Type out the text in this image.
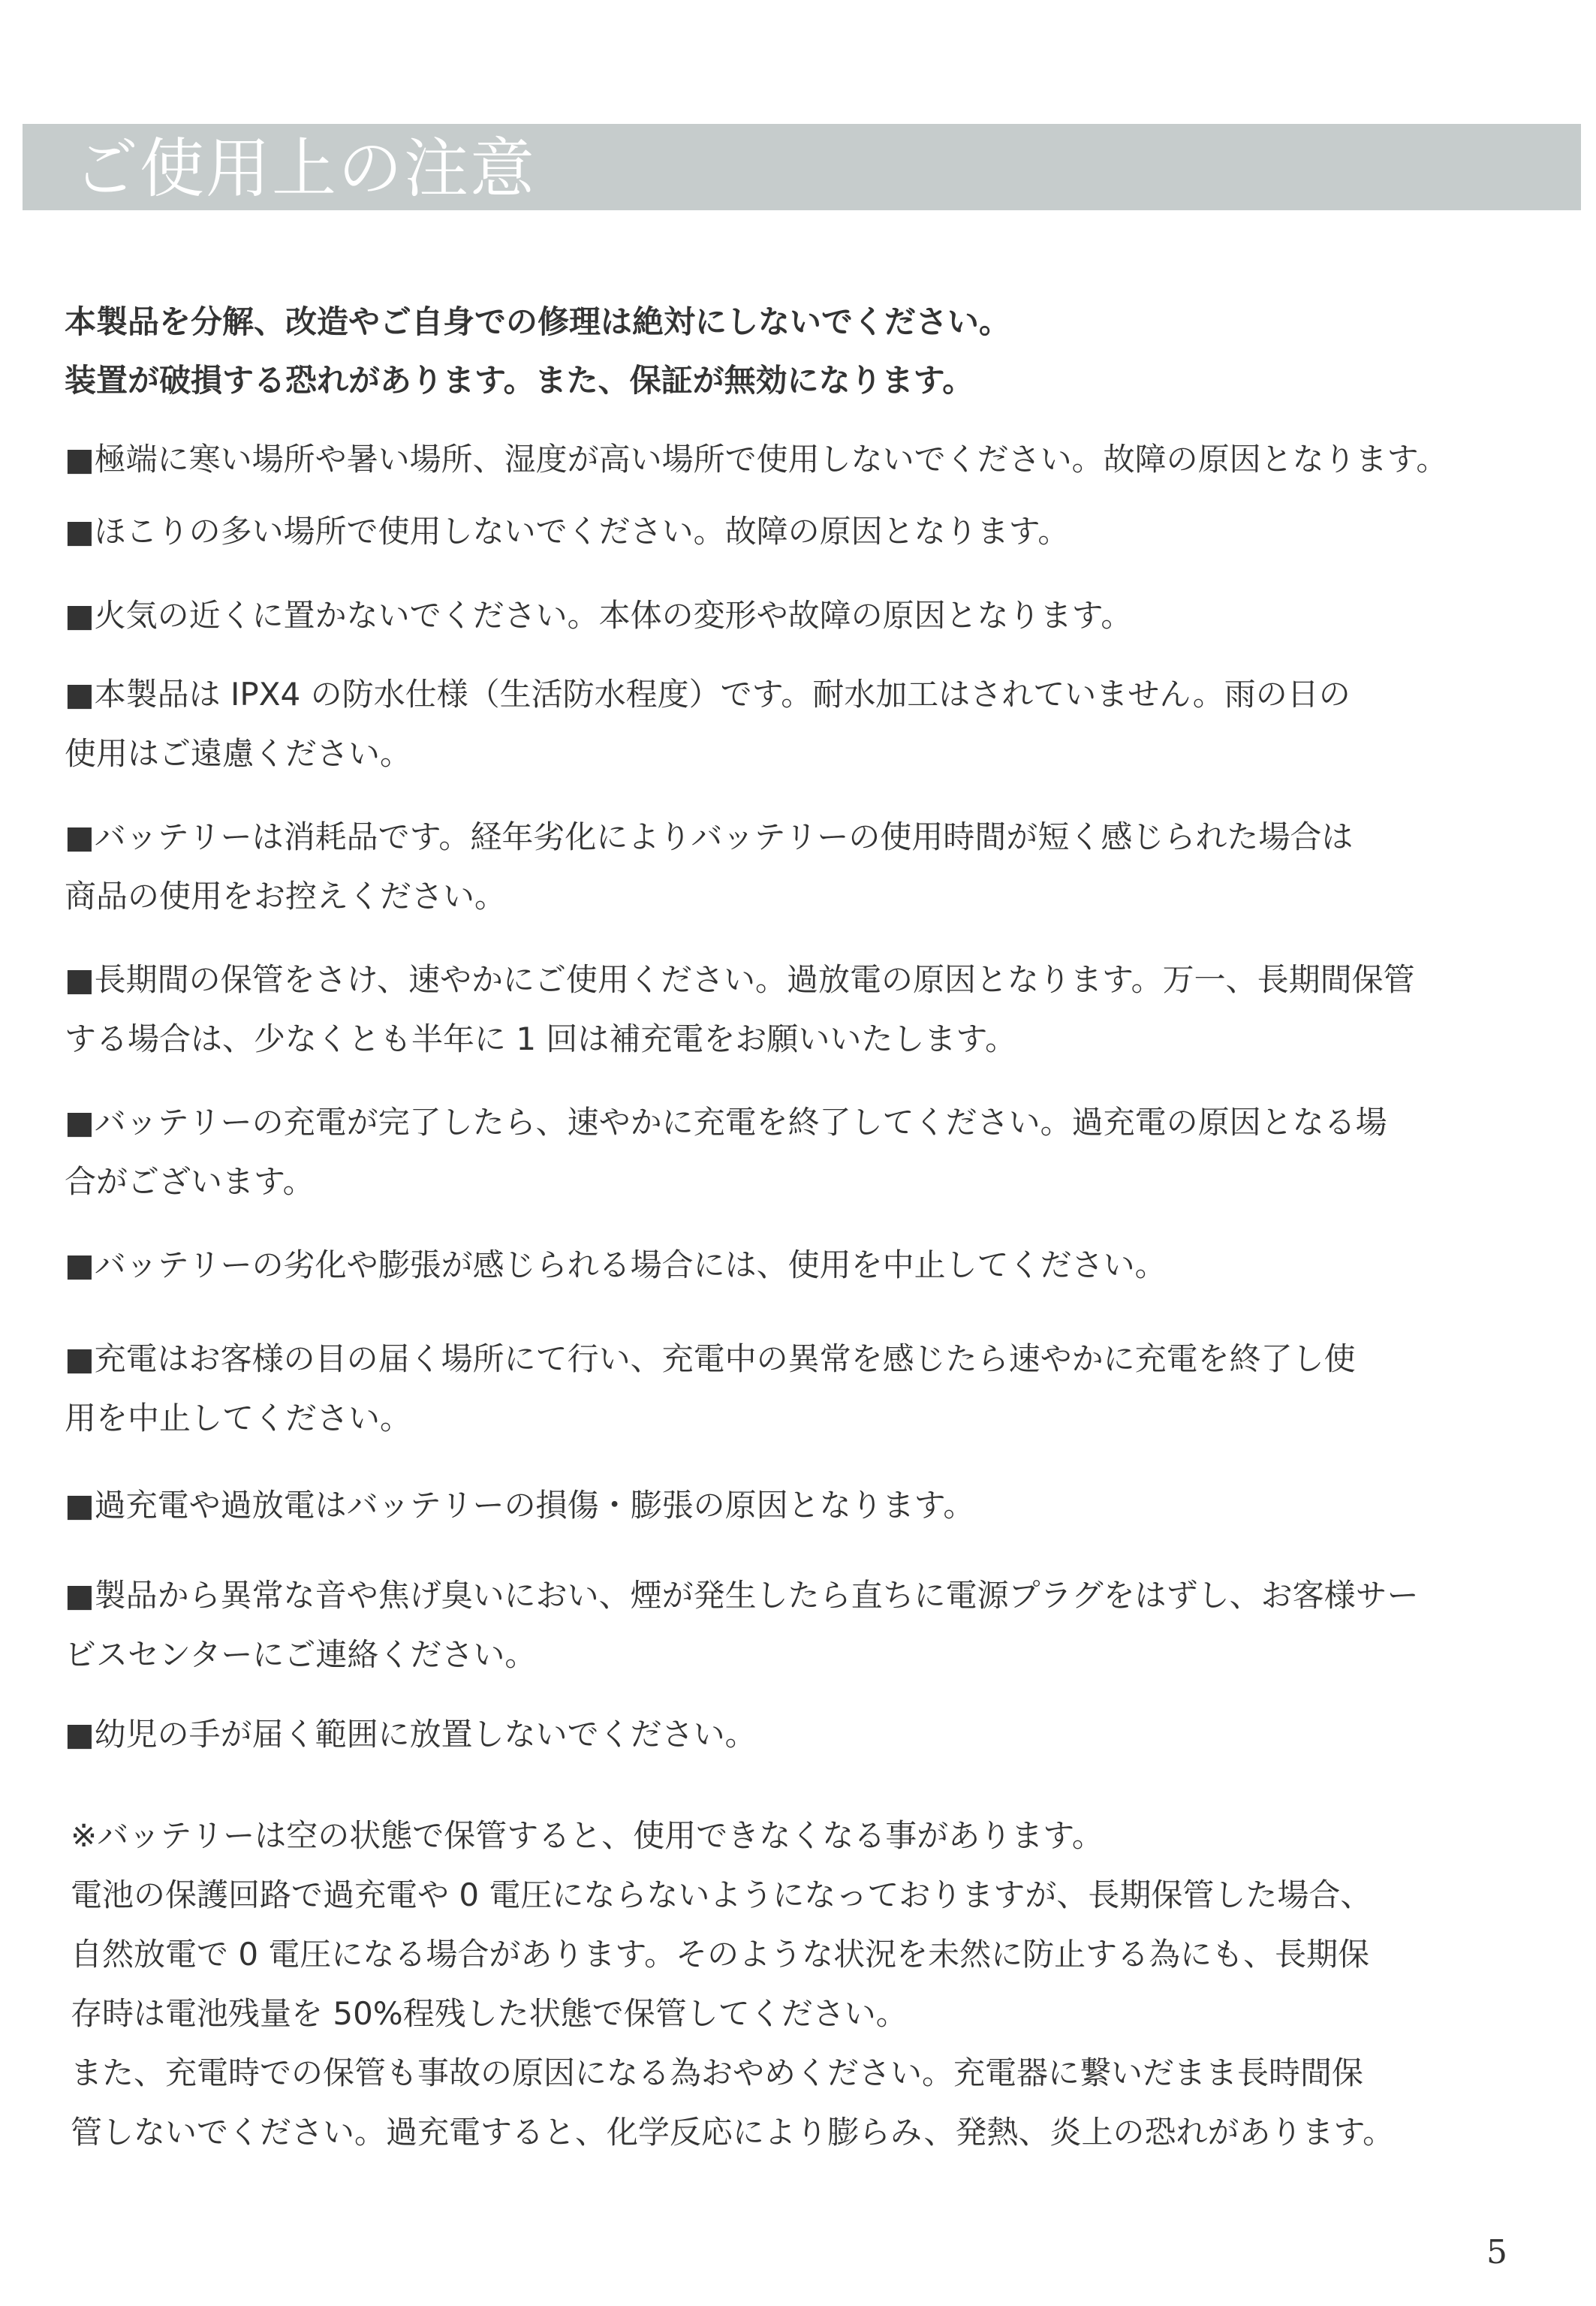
ご使用上の注意
本製品を分解、改造やご自身での修理は絶対にしないでください。
装置が破損する恐れがあります。また、保証が無効になります。
■極端に寒い場所や暑い場所、湿度が高い場所で使用しないでください。故障の原因となります。
■ほこりの多い場所で使用しないでください。故障の原因となります。
■火気の近くに置かないでください。本体の変形や故障の原因となります。
■本製品は IPX4 の防水仕様（生活防水程度）です。耐水加工はされていません。雨の日の
使用はご遠慮ください。
■バッテリーは消耗品です。経年劣化によりバッテリーの使用時間が短く感じられた場合は
商品の使用をお控えください。
■長期間の保管をさけ、速やかにご使用ください。過放電の原因となります。万一、長期間保管
する場合は、少なくとも半年に 1 回は補充電をお願いいたします。
■バッテリーの充電が完了したら、速やかに充電を終了してください。過充電の原因となる場
合がございます。
■バッテリーの劣化や膨張が感じられる場合には、使用を中止してください。
■充電はお客様の目の届く場所にて行い、充電中の異常を感じたら速やかに充電を終了し使
用を中止してください。
■過充電や過放電はバッテリーの損傷・膨張の原因となります。
■製品から異常な音や焦げ臭いにおい、煙が発生したら直ちに電源プラグをはずし、お客様サー
ビスセンターにご連絡ください。
■幼児の手が届く範囲に放置しないでください。
※バッテリーは空の状態で保管すると、使用できなくなる事があります。
電池の保護回路で過充電や 0 電圧にならないようになっておりますが、長期保管した場合、
自然放電で 0 電圧になる場合があります。そのような状況を未然に防止する為にも、長期保
存時は電池残量を 50%程残した状態で保管してください。
また、充電時での保管も事故の原因になる為おやめください。充電器に繋いだまま長時間保
管しないでください。過充電すると、化学反応により膨らみ、発熱、炎上の恐れがあります。
5
